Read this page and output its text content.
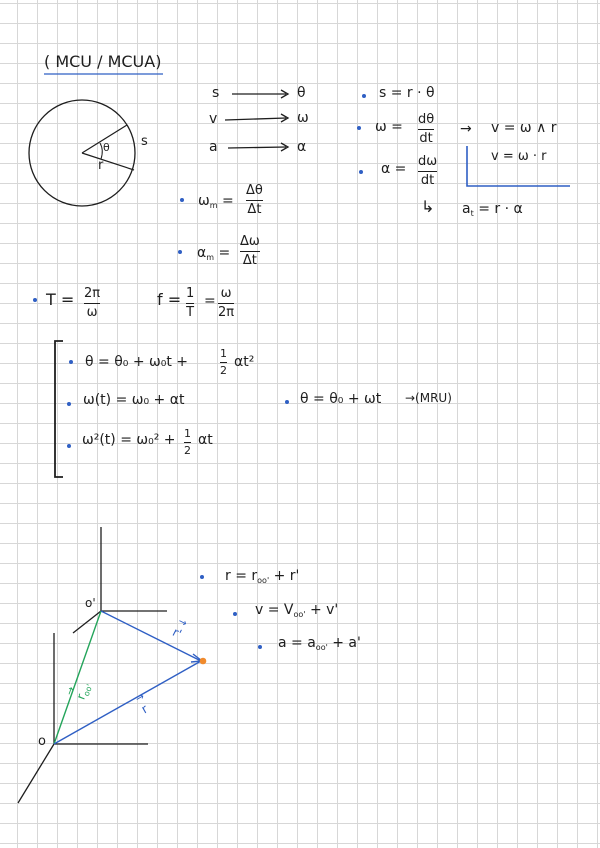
( MCU / MCUA)
θ s
r
s	θ
v	ω
a	α
s = r · θ
ω = dθ
dt
→ v = ω ∧ r
v = ω · r
α = dω
dt
↳ $a_t = r \cdot \alpha$
$\omega_m$ =
Δθ
Δt
$\alpha_m$ =
Δω
Δt
T = 2π
ω
f = 1
T
= ω
2π
θ = θ₀ + ω₀t +
1
2
αt²
ω(t) = ω₀ + αt
ω²(t) = ω₀² + 1
2
αt
θ = θ₀ + ωt →(MRU)
o'
o
→ r'
→ $r_{oo'}$
→ r
$r = r_{oo'} + r'$
$v = V_{oo'} + v'$
$a = a_{oo'} + a'$
